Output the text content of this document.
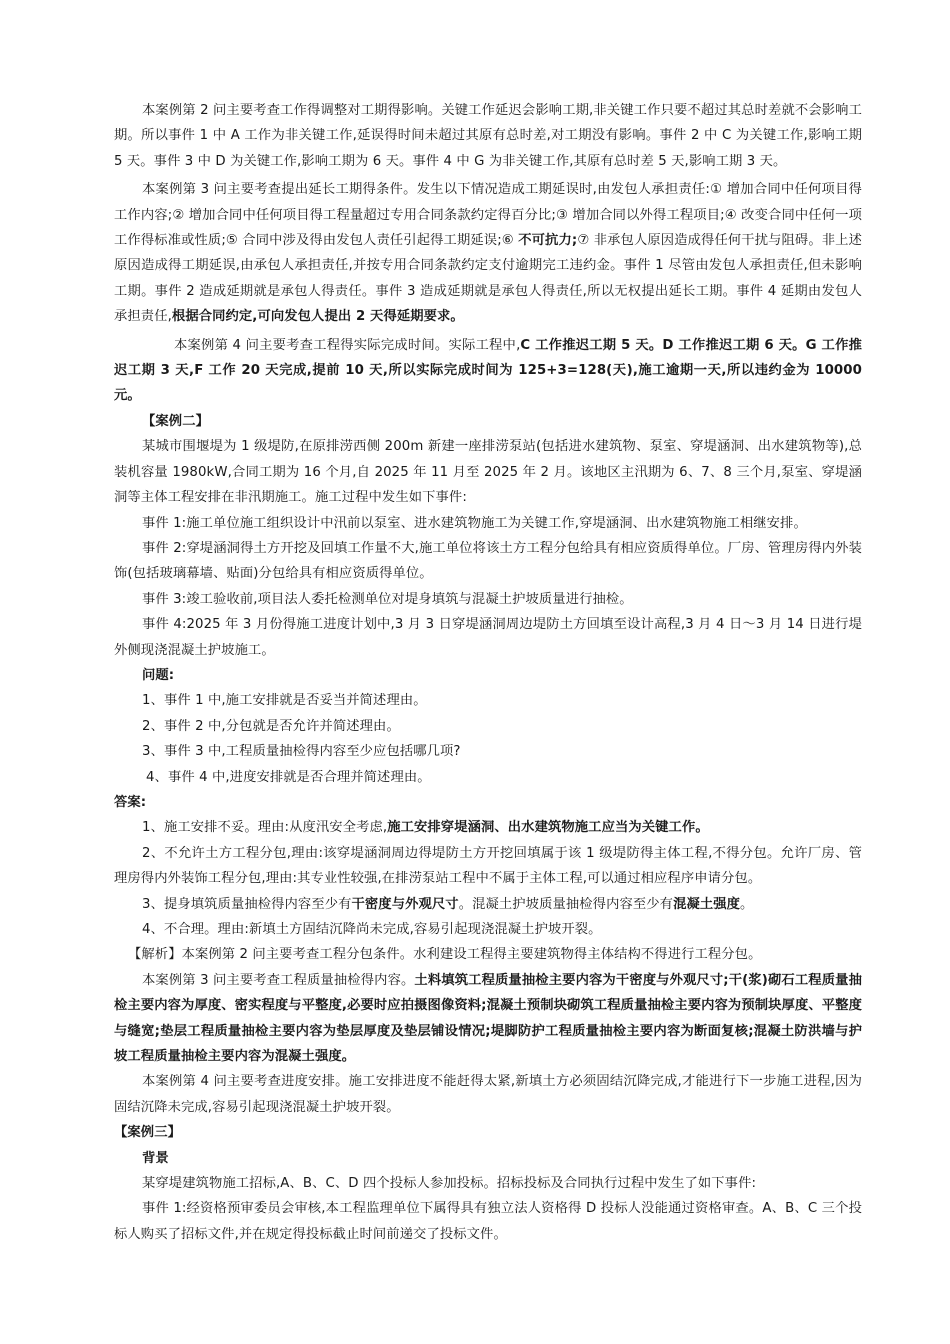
本案例第 2 问主要考查工作得调整对工期得影响。关键工作延迟会影响工期,非关键工作只要不超过其总时差就不会影响工期。所以事件 1 中 A 工作为非关键工作,延误得时间未超过其原有总时差,对工期没有影响。事件 2 中 C 为关键工作,影响工期 5 天。事件 3 中 D 为关键工作,影响工期为 6 天。事件 4 中 G 为非关键工作,其原有总时差 5 天,影响工期 3 天。

本案例第 3 问主要考查提出延长工期得条件。发生以下情况造成工期延误时,由发包人承担责任:① 增加合同中任何项目得工作内容;② 增加合同中任何项目得工程量超过专用合同条款约定得百分比;③ 增加合同以外得工程项目;④ 改变合同中任何一项工作得标准或性质;⑤ 合同中涉及得由发包人责任引起得工期延误;⑥ 不可抗力;⑦ 非承包人原因造成得任何干扰与阻碍。非上述原因造成得工期延误,由承包人承担责任,并按专用合同条款约定支付逾期完工违约金。事件 1 尽管由发包人承担责任,但未影响工期。事件 2 造成延期就是承包人得责任。事件 3 造成延期就是承包人得责任,所以无权提出延长工期。事件 4 延期由发包人承担责任,根据合同约定,可向发包人提出 2 天得延期要求。

本案例第 4 问主要考查工程得实际完成时间。实际工程中,C 工作推迟工期 5 天。D 工作推迟工期 6 天。G 工作推迟工期 3 天,F 工作 20 天完成,提前 10 天,所以实际完成时间为 125+3=128(天),施工逾期一天,所以违约金为 10000 元。

【案例二】

某城市围堰堤为 1 级堤防,在原排涝西侧 200m 新建一座排涝泵站(包括进水建筑物、泵室、穿堤涵洞、出水建筑物等),总装机容量 1980kW,合同工期为 16 个月,自 2025 年 11 月至 2025 年 2 月。该地区主汛期为 6、7、8 三个月,泵室、穿堤涵洞等主体工程安排在非汛期施工。施工过程中发生如下事件:

事件 1:施工单位施工组织设计中汛前以泵室、进水建筑物施工为关键工作,穿堤涵洞、出水建筑物施工相继安排。

事件 2:穿堤涵洞得土方开挖及回填工作量不大,施工单位将该土方工程分包给具有相应资质得单位。厂房、管理房得内外装饰(包括玻璃幕墙、贴面)分包给具有相应资质得单位。

事件 3:竣工验收前,项目法人委托检测单位对堤身填筑与混凝土护坡质量进行抽检。

事件 4:2025 年 3 月份得施工进度计划中,3 月 3 日穿堤涵洞周边堤防土方回填至设计高程,3 月 4 日～3 月 14 日进行堤外侧现浇混凝土护坡施工。

问题:

1、事件 1 中,施工安排就是否妥当并简述理由。

2、事件 2 中,分包就是否允许并简述理由。

3、事件 3 中,工程质量抽检得内容至少应包括哪几项?

4、事件 4 中,进度安排就是否合理并简述理由。

答案:

1、施工安排不妥。理由:从度汛安全考虑,施工安排穿堤涵洞、出水建筑物施工应当为关键工作。

2、不允许土方工程分包,理由:该穿堤涵洞周边得堤防土方开挖回填属于该 1 级堤防得主体工程,不得分包。允许厂房、管理房得内外装饰工程分包,理由:其专业性较强,在排涝泵站工程中不属于主体工程,可以通过相应程序申请分包。

3、提身填筑质量抽检得内容至少有干密度与外观尺寸。混凝土护坡质量抽检得内容至少有混凝土强度。

4、不合理。理由:新填土方固结沉降尚未完成,容易引起现浇混凝土护坡开裂。

【解析】本案例第 2 问主要考查工程分包条件。水利建设工程得主要建筑物得主体结构不得进行工程分包。

本案例第 3 问主要考查工程质量抽检得内容。土料填筑工程质量抽检主要内容为干密度与外观尺寸;干(浆)砌石工程质量抽检主要内容为厚度、密实程度与平整度,必要时应拍摄图像资料;混凝土预制块砌筑工程质量抽检主要内容为预制块厚度、平整度与缝宽;垫层工程质量抽检主要内容为垫层厚度及垫层铺设情况;堤脚防护工程质量抽检主要内容为断面复核;混凝土防洪墙与护坡工程质量抽检主要内容为混凝土强度。

本案例第 4 问主要考查进度安排。施工安排进度不能赶得太紧,新填土方必须固结沉降完成,才能进行下一步施工进程,因为固结沉降未完成,容易引起现浇混凝土护坡开裂。

【案例三】

背景

某穿堤建筑物施工招标,A、B、C、D 四个投标人参加投标。招标投标及合同执行过程中发生了如下事件:

事件 1:经资格预审委员会审核,本工程监理单位下属得具有独立法人资格得 D 投标人没能通过资格审查。A、B、C 三个投标人购买了招标文件,并在规定得投标截止时间前递交了投标文件。
